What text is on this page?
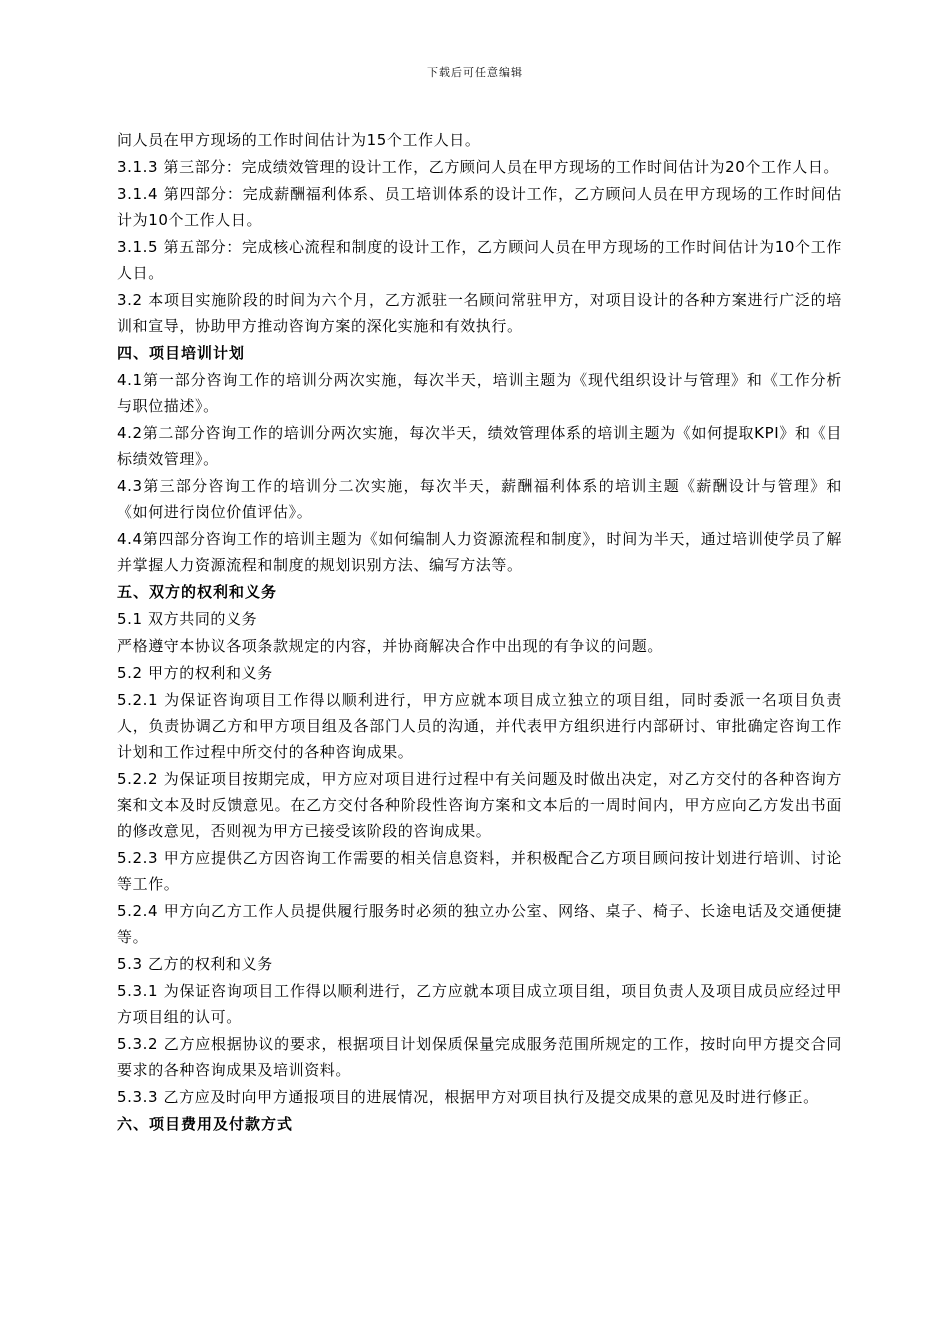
下载后可任意编辑

问人员在甲方现场的工作时间估计为15个工作人日。

3.1.3 第三部分：完成绩效管理的设计工作，乙方顾问人员在甲方现场的工作时间估计为20个工作人日。

3.1.4 第四部分：完成薪酬福利体系、员工培训体系的设计工作，乙方顾问人员在甲方现场的工作时间估计为10个工作人日。

3.1.5 第五部分：完成核心流程和制度的设计工作，乙方顾问人员在甲方现场的工作时间估计为10个工作人日。

3.2 本项目实施阶段的时间为六个月，乙方派驻一名顾问常驻甲方，对项目设计的各种方案进行广泛的培训和宣导，协助甲方推动咨询方案的深化实施和有效执行。

四、项目培训计划

4.1第一部分咨询工作的培训分两次实施，每次半天，培训主题为《现代组织设计与管理》和《工作分析与职位描述》。

4.2第二部分咨询工作的培训分两次实施，每次半天，绩效管理体系的培训主题为《如何提取KPI》和《目标绩效管理》。

4.3第三部分咨询工作的培训分二次实施，每次半天，薪酬福利体系的培训主题《薪酬设计与管理》和《如何进行岗位价值评估》。

4.4第四部分咨询工作的培训主题为《如何编制人力资源流程和制度》，时间为半天，通过培训使学员了解并掌握人力资源流程和制度的规划识别方法、编写方法等。

五、双方的权利和义务

5.1 双方共同的义务

严格遵守本协议各项条款规定的内容，并协商解决合作中出现的有争议的问题。

5.2 甲方的权利和义务

5.2.1 为保证咨询项目工作得以顺利进行，甲方应就本项目成立独立的项目组，同时委派一名项目负责人，负责协调乙方和甲方项目组及各部门人员的沟通，并代表甲方组织进行内部研讨、审批确定咨询工作计划和工作过程中所交付的各种咨询成果。

5.2.2 为保证项目按期完成，甲方应对项目进行过程中有关问题及时做出决定，对乙方交付的各种咨询方案和文本及时反馈意见。在乙方交付各种阶段性咨询方案和文本后的一周时间内，甲方应向乙方发出书面的修改意见，否则视为甲方已接受该阶段的咨询成果。

5.2.3 甲方应提供乙方因咨询工作需要的相关信息资料，并积极配合乙方项目顾问按计划进行培训、讨论等工作。

5.2.4 甲方向乙方工作人员提供履行服务时必须的独立办公室、网络、桌子、椅子、长途电话及交通便捷等。

5.3 乙方的权利和义务

5.3.1 为保证咨询项目工作得以顺利进行，乙方应就本项目成立项目组，项目负责人及项目成员应经过甲方项目组的认可。

5.3.2 乙方应根据协议的要求，根据项目计划保质保量完成服务范围所规定的工作，按时向甲方提交合同要求的各种咨询成果及培训资料。

5.3.3 乙方应及时向甲方通报项目的进展情况，根据甲方对项目执行及提交成果的意见及时进行修正。

六、项目费用及付款方式
